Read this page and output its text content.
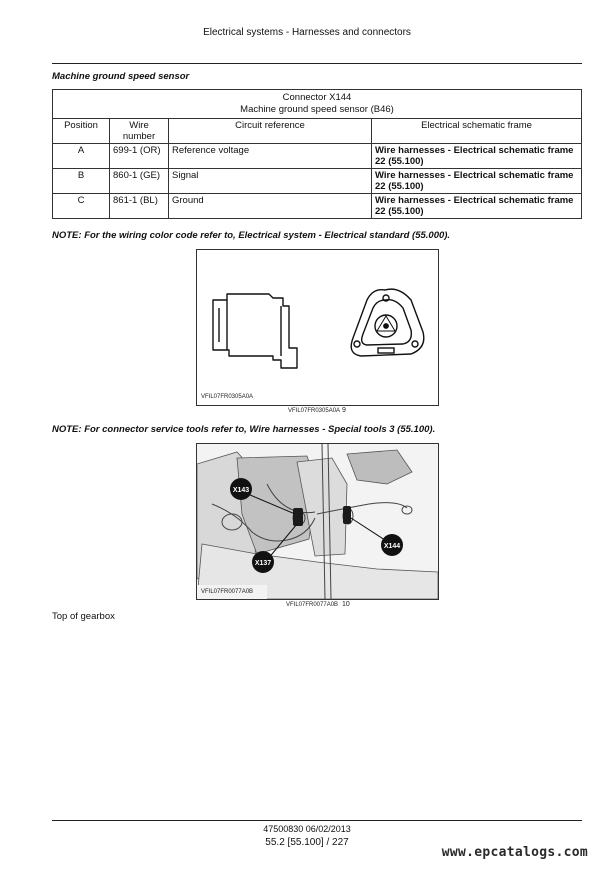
Electrical systems - Harnesses and connectors
Machine ground speed sensor
Connector X144
Machine ground speed sensor (B46)			

Position	Wire number	Circuit reference	Electrical schematic frame
A	699-1 (OR)	Reference voltage	Wire harnesses - Electrical schematic frame 22 (55.100)
B	860-1 (GE)	Signal	Wire harnesses - Electrical schematic frame 22 (55.100)
C	861-1 (BL)	Ground	Wire harnesses - Electrical schematic frame 22 (55.100)
NOTE: For the wiring color code refer to, Electrical system - Electrical standard (55.000).
VFIL07FR0305A0A
VFIL07FR0305A0A 9
NOTE: For connector service tools refer to, Wire harnesses - Special tools 3 (55.100).
X143
X137
X144
VFIL07FR0077A0B
VFIL07FR0077A0B 10
Top of gearbox
47500830 06/02/2013
55.2 [55.100] / 227
www.epcatalogs.com
